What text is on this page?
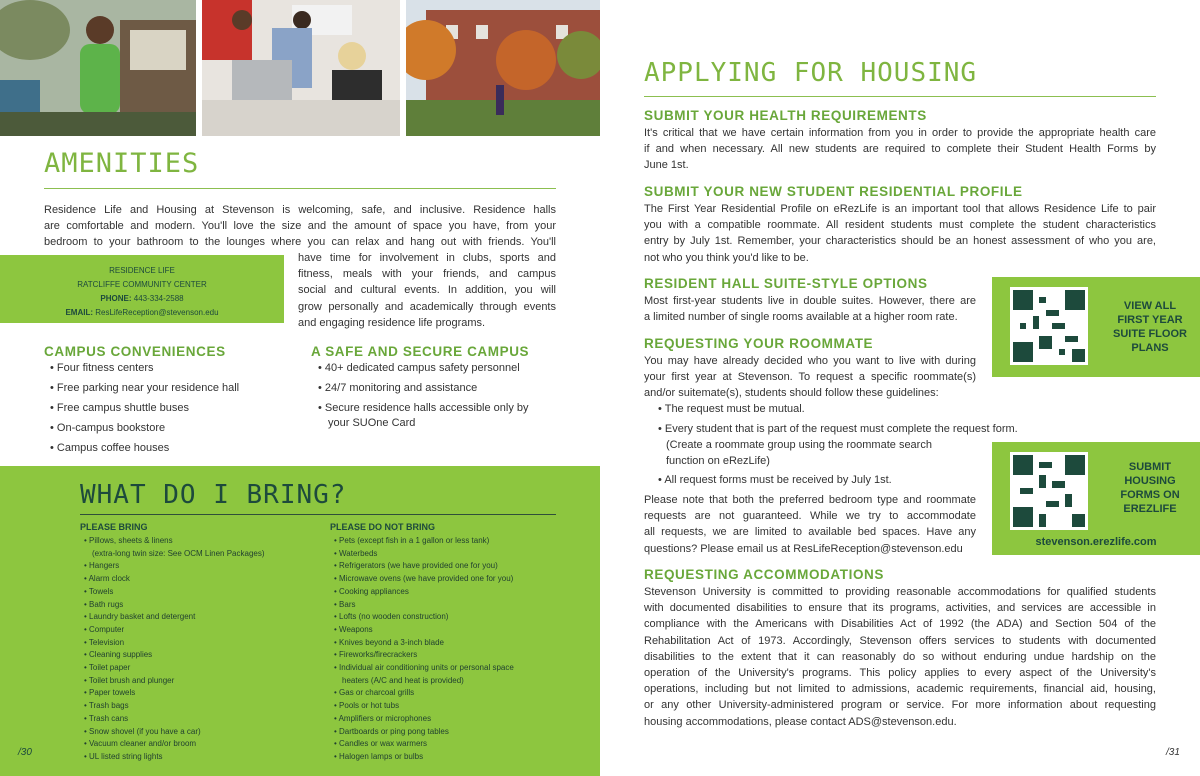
AMENITIES
Residence Life and Housing at Stevenson is welcoming, safe, and inclusive. Residence halls
are comfortable and modern. You'll love the size and the amount of space you have, from your
bedroom to your bathroom to the lounges where you can relax and hang out with friends. You'll
have time for involvement in clubs, sports and
fitness, meals with your friends, and campus
social and cultural events. In addition, you will
grow personally and academically through events
and engaging residence life programs.
RESIDENCE LIFE
RATCLIFFE COMMUNITY CENTER
PHONE: 443-334-2588
EMAIL: ResLifeReception@stevenson.edu
CAMPUS CONVENIENCES
• Four fitness centers
• Free parking near your residence hall
• Free campus shuttle buses
• On-campus bookstore
• Campus coffee houses
A SAFE AND SECURE CAMPUS
• 40+ dedicated campus safety personnel
• 24/7 monitoring and assistance
• Secure residence halls accessible only by
your SUOne Card
WHAT DO I BRING?
PLEASE BRING
• Pillows, sheets & linens
(extra-long twin size: See OCM Linen Packages)
• Hangers
• Alarm clock
• Towels
• Bath rugs
• Laundry basket and detergent
• Computer
• Television
• Cleaning supplies
• Toilet paper
• Toilet brush and plunger
• Paper towels
• Trash bags
• Trash cans
• Snow shovel (if you have a car)
• Vacuum cleaner and/or broom
• UL listed string lights
PLEASE DO NOT BRING
• Pets (except fish in a 1 gallon or less tank)
• Waterbeds
• Refrigerators (we have provided one for you)
• Microwave ovens (we have provided one for you)
• Cooking appliances
• Bars
• Lofts (no wooden construction)
• Weapons
• Knives beyond a 3-inch blade
• Fireworks/firecrackers
• Individual air conditioning units or personal space
heaters (A/C and heat is provided)
• Gas or charcoal grills
• Pools or hot tubs
• Amplifiers or microphones
• Dartboards or ping pong tables
• Candles or wax warmers
• Halogen lamps or bulbs
/30
APPLYING FOR HOUSING
SUBMIT YOUR HEALTH REQUIREMENTS
It's critical that we have certain information from you in order to provide the appropriate health care
if and when necessary. All new students are required to complete their Student Health Forms by
June 1st.
SUBMIT YOUR NEW STUDENT RESIDENTIAL PROFILE
The First Year Residential Profile on eRezLife is an important tool that allows Residence Life to pair
you with a compatible roommate. All resident students must complete the student characteristics
entry by July 1st. Remember, your characteristics should be an honest assessment of who you are,
not who you think you'd like to be.
RESIDENT HALL SUITE-STYLE OPTIONS
Most first-year students live in double suites. However, there are
a limited number of single rooms available at a higher room rate.
REQUESTING YOUR ROOMMATE
You may have already decided who you want to live with during
your first year at Stevenson. To request a specific roommate(s)
and/or suitemate(s), students should follow these guidelines:
• The request must be mutual.
• Every student that is part of the request must complete the request form.
(Create a roommate group using the roommate search
function on eRezLife)
• All request forms must be received by July 1st.
Please note that both the preferred bedroom type and roommate
requests are not guaranteed. While we try to accommodate
all requests, we are limited to available bed spaces. Have any
questions? Please email us at ResLifeReception@stevenson.edu
VIEW ALL
FIRST YEAR
SUITE FLOOR
PLANS
SUBMIT
HOUSING
FORMS ON
EREZLIFE
stevenson.erezlife.com
REQUESTING ACCOMMODATIONS
Stevenson University is committed to providing reasonable accommodations for qualified students
with documented disabilities to ensure that its programs, activities, and services are accessible in
compliance with the Americans with Disabilities Act of 1992 (the ADA) and Section 504 of the
Rehabilitation Act of 1973. Accordingly, Stevenson offers services to students with documented
disabilities to the extent that it can reasonably do so without enduring undue hardship on the
operation of the University's programs. This policy applies to every aspect of the University's
operations, including but not limited to admissions, academic requirements, financial aid, housing,
or any other University-administered program or service. For more information about requesting
housing accommodations, please contact ADS@stevenson.edu.
/31
